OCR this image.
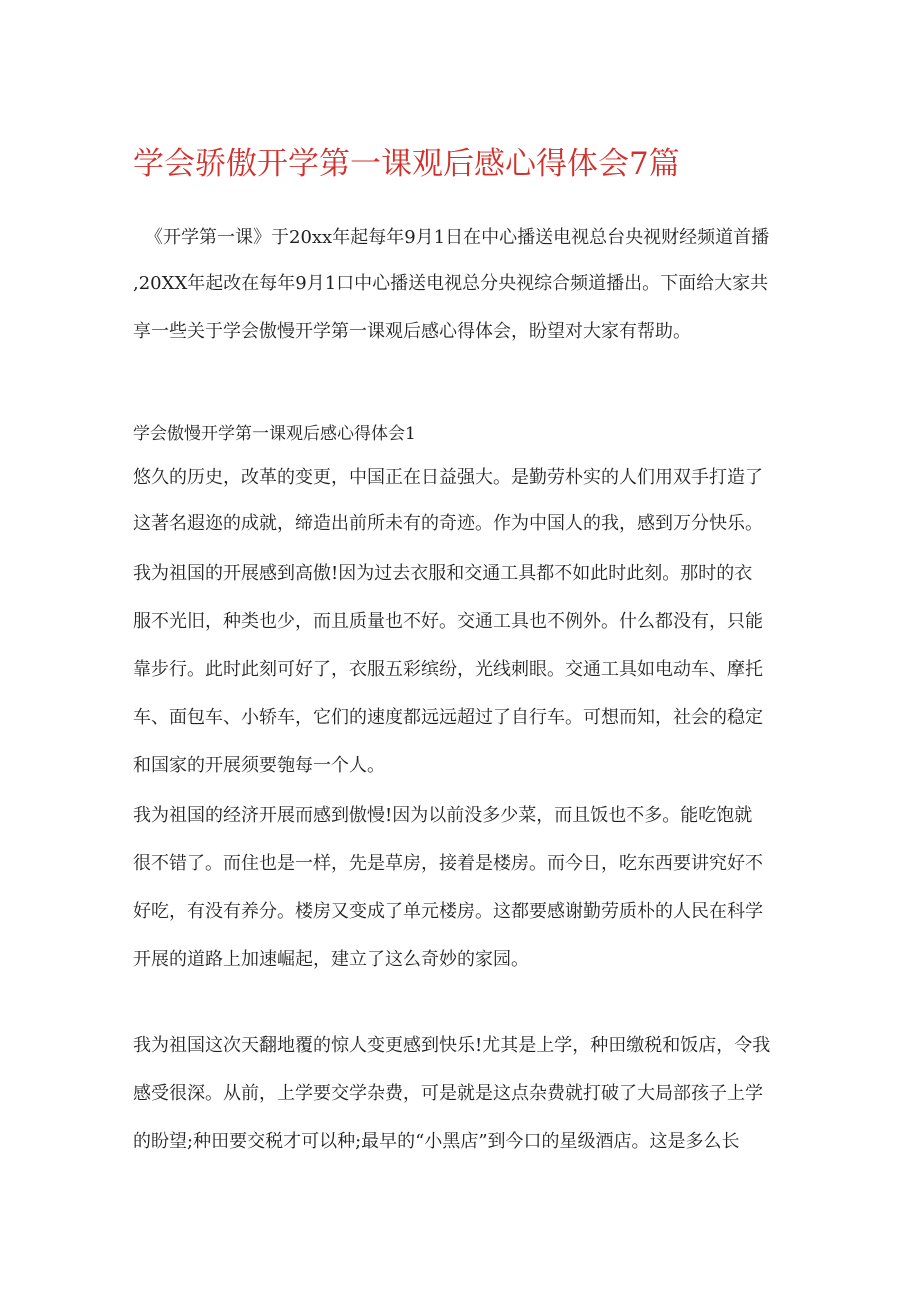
学会骄傲开学第一课观后感心得体会7篇

《开学第一课》于20xx年起每年9月1日在中心播送电视总台央视财经频道首播

,20XX年起改在每年9月1口中心播送电视总分央视综合频道播出。下面给大家共

享一些关于学会傲慢开学第一课观后感心得体会，盼望对大家有帮助。

学会傲慢开学第一课观后感心得体会1

悠久的历史，改革的变更，中国正在日益强大。是勤劳朴实的人们用双手打造了

这著名遐迩的成就，缔造出前所未有的奇迹。作为中国人的我，感到万分快乐。

我为祖国的开展感到高傲!因为过去衣服和交通工具都不如此时此刻。那时的衣

服不光旧，种类也少，而且质量也不好。交通工具也不例外。什么都没有，只能

靠步行。此时此刻可好了，衣服五彩缤纷，光线刺眼。交通工具如电动车、摩托

车、面包车、小轿车，它们的速度都远远超过了自行车。可想而知，社会的稳定

和国家的开展须要匏每一个人。

我为祖国的经济开展而感到傲慢!因为以前没多少菜，而且饭也不多。能吃饱就

很不错了。而住也是一样，先是草房，接着是楼房。而今日，吃东西要讲究好不

好吃，有没有养分。楼房又变成了单元楼房。这都要感谢勤劳质朴的人民在科学

开展的道路上加速崛起，建立了这么奇妙的家园。

我为祖国这次天翻地覆的惊人变更感到快乐!尤其是上学，种田缴税和饭店，令我

感受很深。从前，上学要交学杂费，可是就是这点杂费就打破了大局部孩子上学

的盼望;种田要交税才可以种;最早的“小黑店”到今口的星级酒店。这是多么长
